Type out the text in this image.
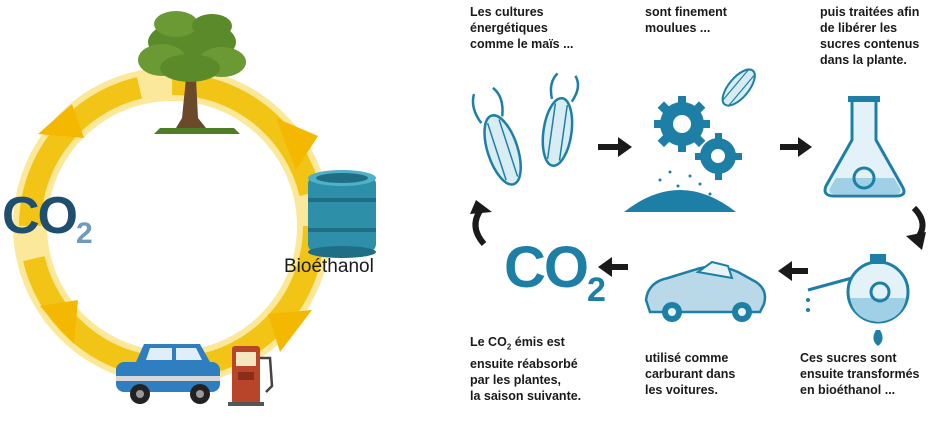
$CO_2$
Bioéthanol $CO_2$
Les cultures
énergétiques
comme le maïs ...
sont finement
moulues ...
puis traitées afin
de libérer les
sucres contenus
dans la plante.
Ces sucres sont
ensuite transformés
en bioéthanol ...
utilisé comme
carburant dans
les voitures.
Le $CO_2$ émis est
ensuite réabsorbé
par les plantes,
la saison suivante.
